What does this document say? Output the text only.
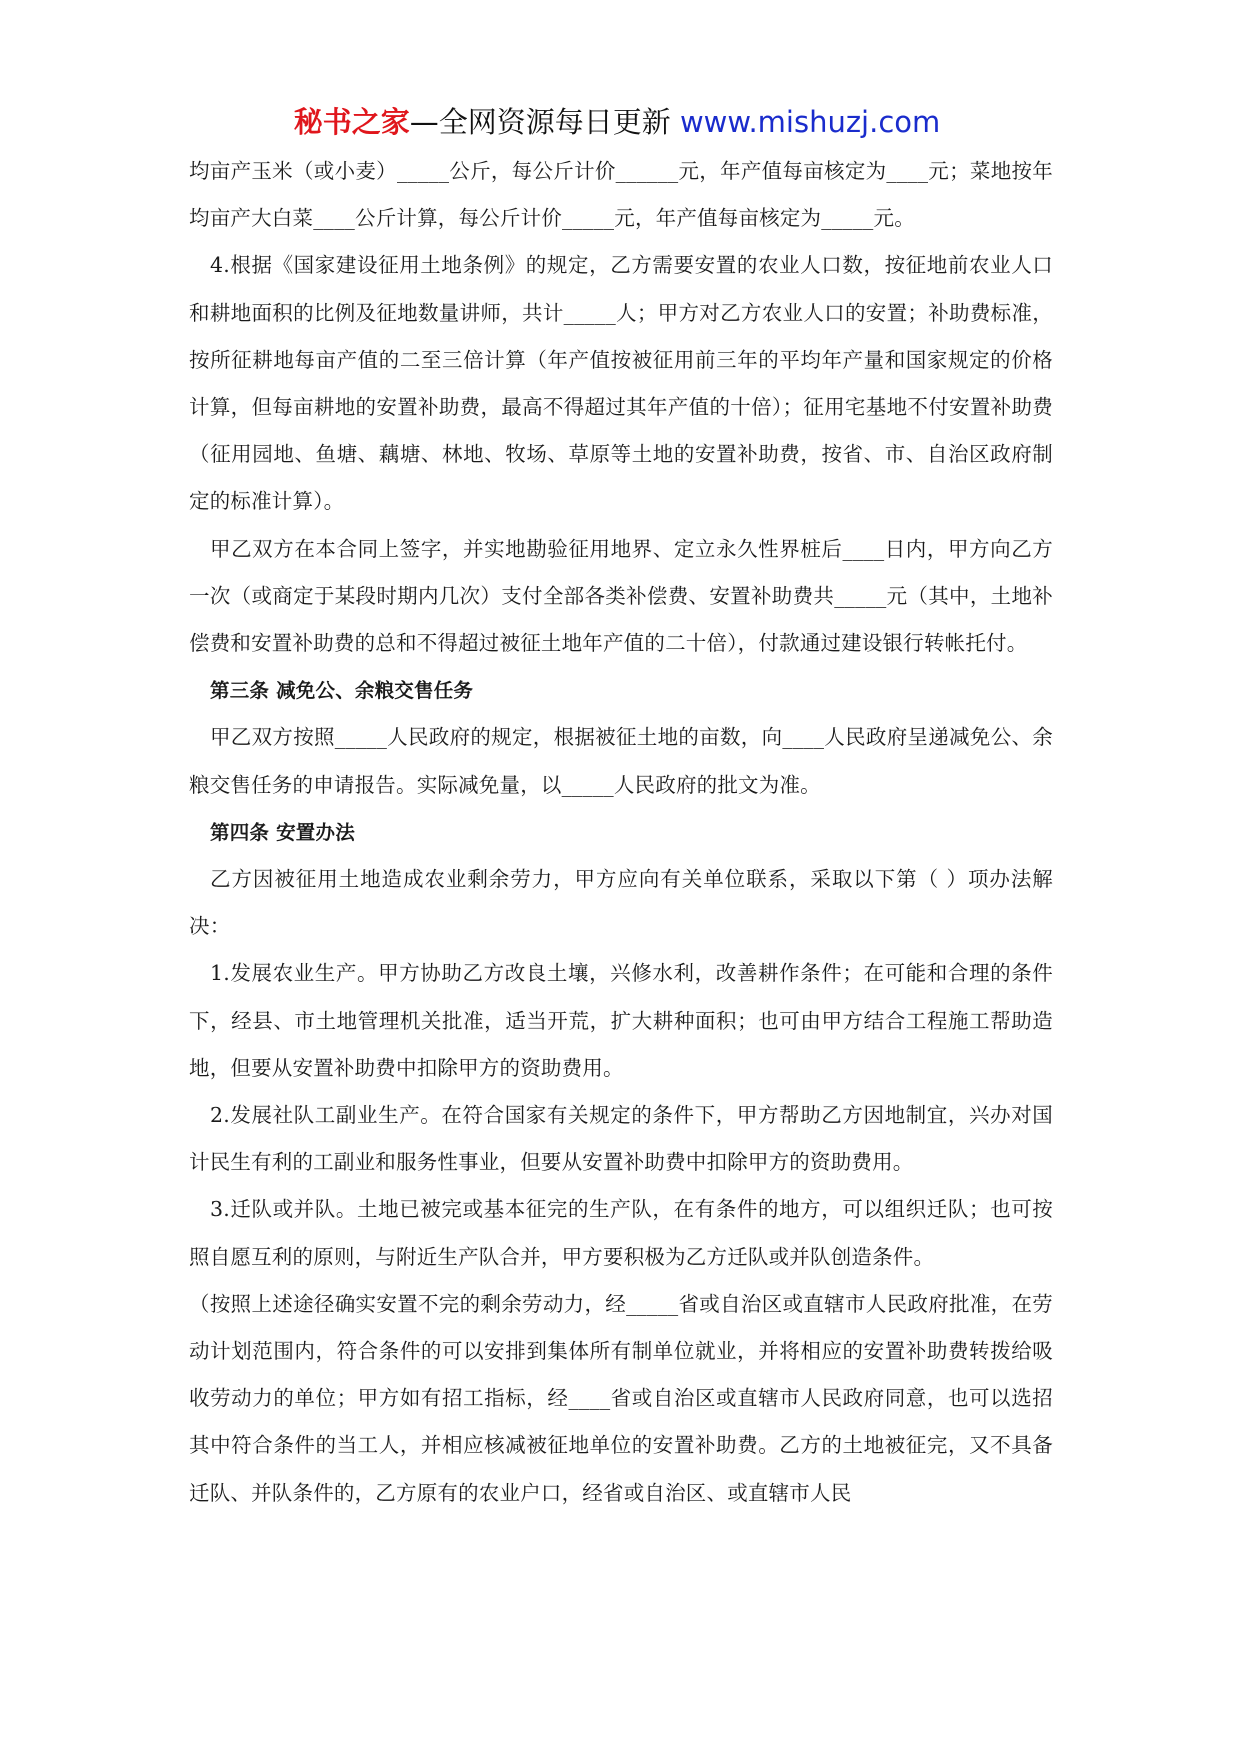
秘书之家—全网资源每日更新 www.mishuzj.com

均亩产玉米（或小麦）_____公斤，每公斤计价______元，年产值每亩核定为____元；菜地按年均亩产大白菜____公斤计算，每公斤计价_____元，年产值每亩核定为_____元。

4.根据《国家建设征用土地条例》的规定，乙方需要安置的农业人口数，按征地前农业人口和耕地面积的比例及征地数量讲师，共计_____人；甲方对乙方农业人口的安置；补助费标准，按所征耕地每亩产值的二至三倍计算（年产值按被征用前三年的平均年产量和国家规定的价格计算，但每亩耕地的安置补助费，最高不得超过其年产值的十倍）；征用宅基地不付安置补助费（征用园地、鱼塘、藕塘、林地、牧场、草原等土地的安置补助费，按省、市、自治区政府制定的标准计算）。

甲乙双方在本合同上签字，并实地勘验征用地界、定立永久性界桩后____日内，甲方向乙方一次（或商定于某段时期内几次）支付全部各类补偿费、安置补助费共_____元（其中，土地补偿费和安置补助费的总和不得超过被征土地年产值的二十倍），付款通过建设银行转帐托付。

第三条 减免公、余粮交售任务

甲乙双方按照_____人民政府的规定，根据被征土地的亩数，向____人民政府呈递减免公、余粮交售任务的申请报告。实际减免量，以_____人民政府的批文为准。

第四条 安置办法

乙方因被征用土地造成农业剩余劳力，甲方应向有关单位联系，采取以下第（ ）项办法解决：

1.发展农业生产。甲方协助乙方改良土壤，兴修水利，改善耕作条件；在可能和合理的条件下，经县、市土地管理机关批准，适当开荒，扩大耕种面积；也可由甲方结合工程施工帮助造地，但要从安置补助费中扣除甲方的资助费用。

2.发展社队工副业生产。在符合国家有关规定的条件下，甲方帮助乙方因地制宜，兴办对国计民生有利的工副业和服务性事业，但要从安置补助费中扣除甲方的资助费用。

3.迁队或并队。土地已被完或基本征完的生产队，在有条件的地方，可以组织迁队；也可按照自愿互利的原则，与附近生产队合并，甲方要积极为乙方迁队或并队创造条件。

（按照上述途径确实安置不完的剩余劳动力，经_____省或自治区或直辖市人民政府批准，在劳动计划范围内，符合条件的可以安排到集体所有制单位就业，并将相应的安置补助费转拨给吸收劳动力的单位；甲方如有招工指标，经____省或自治区或直辖市人民政府同意，也可以选招其中符合条件的当工人，并相应核减被征地单位的安置补助费。乙方的土地被征完，又不具备迁队、并队条件的，乙方原有的农业户口，经省或自治区、或直辖市人民
